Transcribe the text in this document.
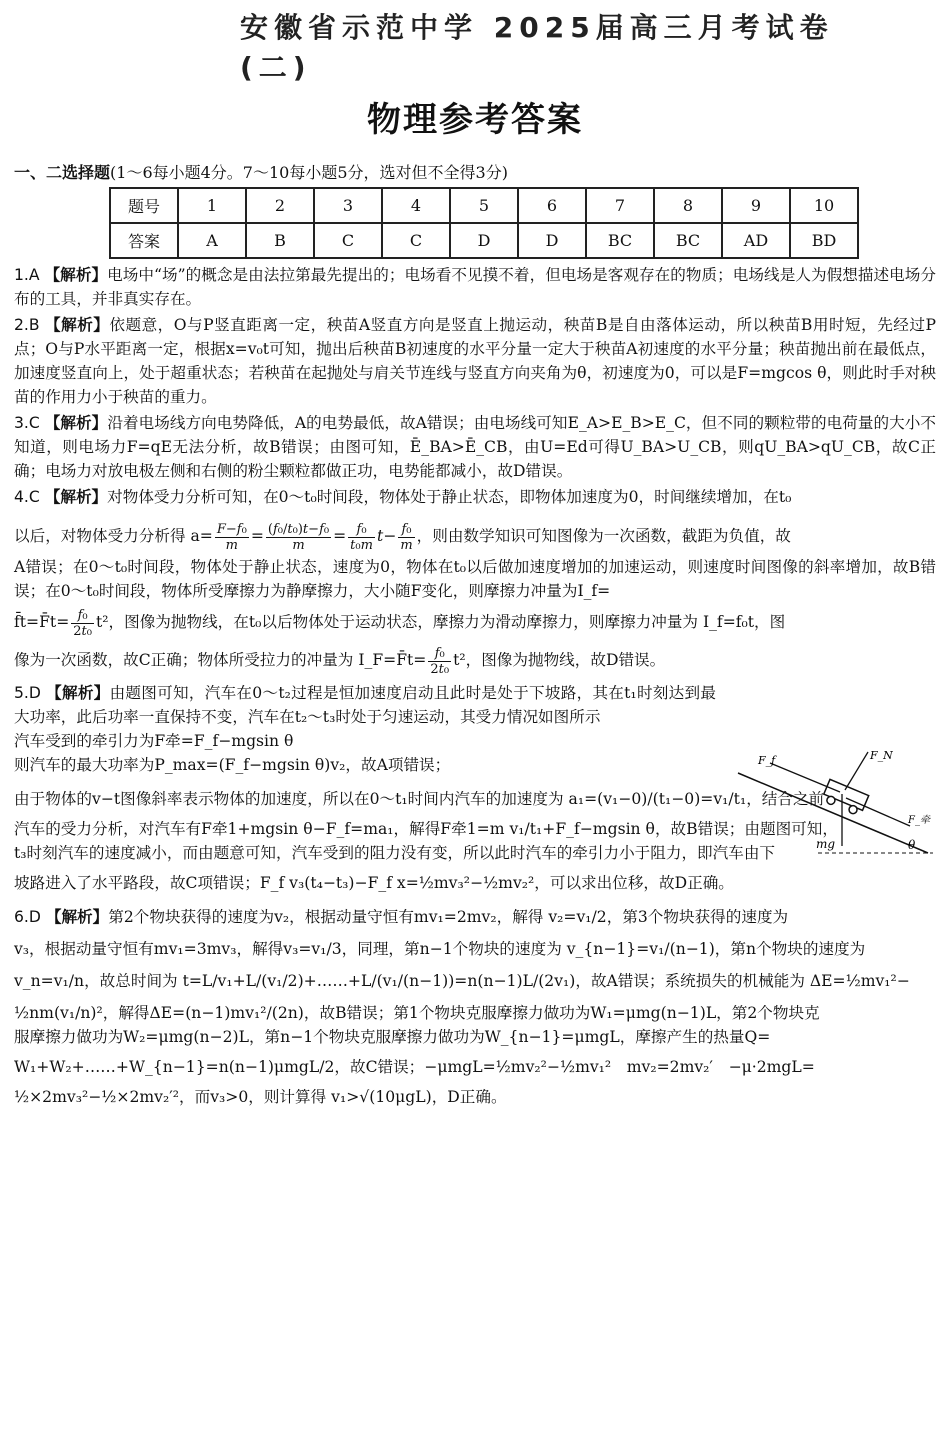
安徽省示范中学 2025届高三月考试卷(二)
物理参考答案
一、二选择题(1～6每小题4分。7～10每小题5分，选对但不全得3分)
题号	1	2	3	4	5	6	7	8	9	10
答案	A	B	C	C	D	D	BC	BC	AD	BD

1.A 【解析】电场中“场”的概念是由法拉第最先提出的；电场看不见摸不着，但电场是客观存在的物质；电场线是人为假想描述电场分布的工具，并非真实存在。

2.B 【解析】依题意，O与P竖直距离一定，秧苗A竖直方向是竖直上抛运动，秧苗B是自由落体运动，所以秧苗B用时短，先经过P点；O与P水平距离一定，根据x=v₀t可知，抛出后秧苗B初速度的水平分量一定大于秧苗A初速度的水平分量；秧苗抛出前在最低点，加速度竖直向上，处于超重状态；若秧苗在起抛处与肩关节连线与竖直方向夹角为θ，初速度为0，可以是F=mgcos θ，则此时手对秧苗的作用力小于秧苗的重力。

3.C 【解析】沿着电场线方向电势降低，A的电势最低，故A错误；由电场线可知E_A>E_B>E_C，但不同的颗粒带的电荷量的大小不知道，则电场力F=qE无法分析，故B错误；由图可知，Ē_BA>Ē_CB，由U=Ed可得U_BA>U_CB，则qU_BA>qU_CB，故C正确；电场力对放电极左侧和右侧的粉尘颗粒都做正功，电势能都减小，故D错误。

4.C 【解析】对物体受力分析可知，在0～t₀时间段，物体处于静止状态，即物体加速度为0，时间继续增加，在t₀
以后，对物体受力分析得 $a= \frac{\text{F−f₀}}{m} = \frac{\text{(f₀/t₀)t−f₀}}{m} = \frac{\text{f₀}}{\text{t₀m}} t- \frac{\text{f₀}}{m}$ ，则由数学知识可知图像为一次函数，截距为负值，故
A错误；在0～t₀时间段，物体处于静止状态，速度为0，物体在t₀以后做加速度增加的加速运动，则速度时间图像的斜率增加，故B错误；在0～t₀时间段，物体所受摩擦力为静摩擦力，大小随F变化，则摩擦力冲量为I_f=
f̄t=F̄t= $\frac{\text{f₀}}{\text{2t₀}} t^2$，图像为抛物线，在t₀以后物体处于运动状态，摩擦力为滑动摩擦力，则摩擦力冲量为 I_f=f₀t，图
像为一次函数，故C正确；物体所受拉力的冲量为 I_F=F̄t= $\frac{\text{f₀}}{\text{2t₀}} t^2$，图像为抛物线，故D错误。
5.D 【解析】由题图可知，汽车在0～t₂过程是恒加速度启动且此时是处于下坡路，其在t₁时刻达到最大功率，此后功率一直保持不变，汽车在t₂～t₃时处于匀速运动，其受力情况如图所示
汽车受到的牵引力为F牵=F_f−mgsin θ
则汽车的最大功率为P_max=(F_f−mgsin θ)v₂，故A项错误；
由于物体的v−t图像斜率表示物体的加速度，所以在0～t₁时间内汽车的加速度为 a₁=(v₁−0)/(t₁−0)=v₁/t₁，结合之前
汽车的受力分析，对汽车有F牵1+mgsin θ−F_f=ma₁，解得F牵1=m v₁/t₁+F_f−mgsin θ，故B错误；由题图可知，
t₃时刻汽车的速度减小，而由题意可知，汽车受到的阻力没有变，所以此时汽车的牵引力小于阻力，即汽车由下
坡路进入了水平路段，故C项错误；F_f v₃(t₄−t₃)−F_f x=½mv₃²−½mv₂²，可以求出位移，故D正确。
6.D 【解析】第2个物块获得的速度为v₂，根据动量守恒有mv₁=2mv₂，解得 v₂=v₁/2，第3个物块获得的速度为
v₃，根据动量守恒有mv₁=3mv₃，解得v₃=v₁/3，同理，第n−1个物块的速度为 v_{n−1}=v₁/(n−1)，第n个物块的速度为
v_n=v₁/n，故总时间为 t=L/v₁+L/(v₁/2)+……+L/(v₁/(n−1))=n(n−1)L/(2v₁)，故A错误；系统损失的机械能为 ΔE=½mv₁²−
½nm(v₁/n)²，解得ΔE=(n−1)mv₁²/(2n)，故B错误；第1个物块克服摩擦力做功为W₁=μmg(n−1)L，第2个物块克
服摩擦力做功为W₂=μmg(n−2)L，第n−1个物块克服摩擦力做功为W_{n−1}=μmgL，摩擦产生的热量Q=
W₁+W₂+……+W_{n−1}=n(n−1)μmgL/2，故C错误；−μmgL=½mv₂²−½mv₁²　mv₂=2mv₂′　−μ·2mgL=
½×2mv₃²−½×2mv₂′²，而v₃>0，则计算得 v₁>√(10μgL)，D正确。
F_f	F_N
mg
F_牵
θ
